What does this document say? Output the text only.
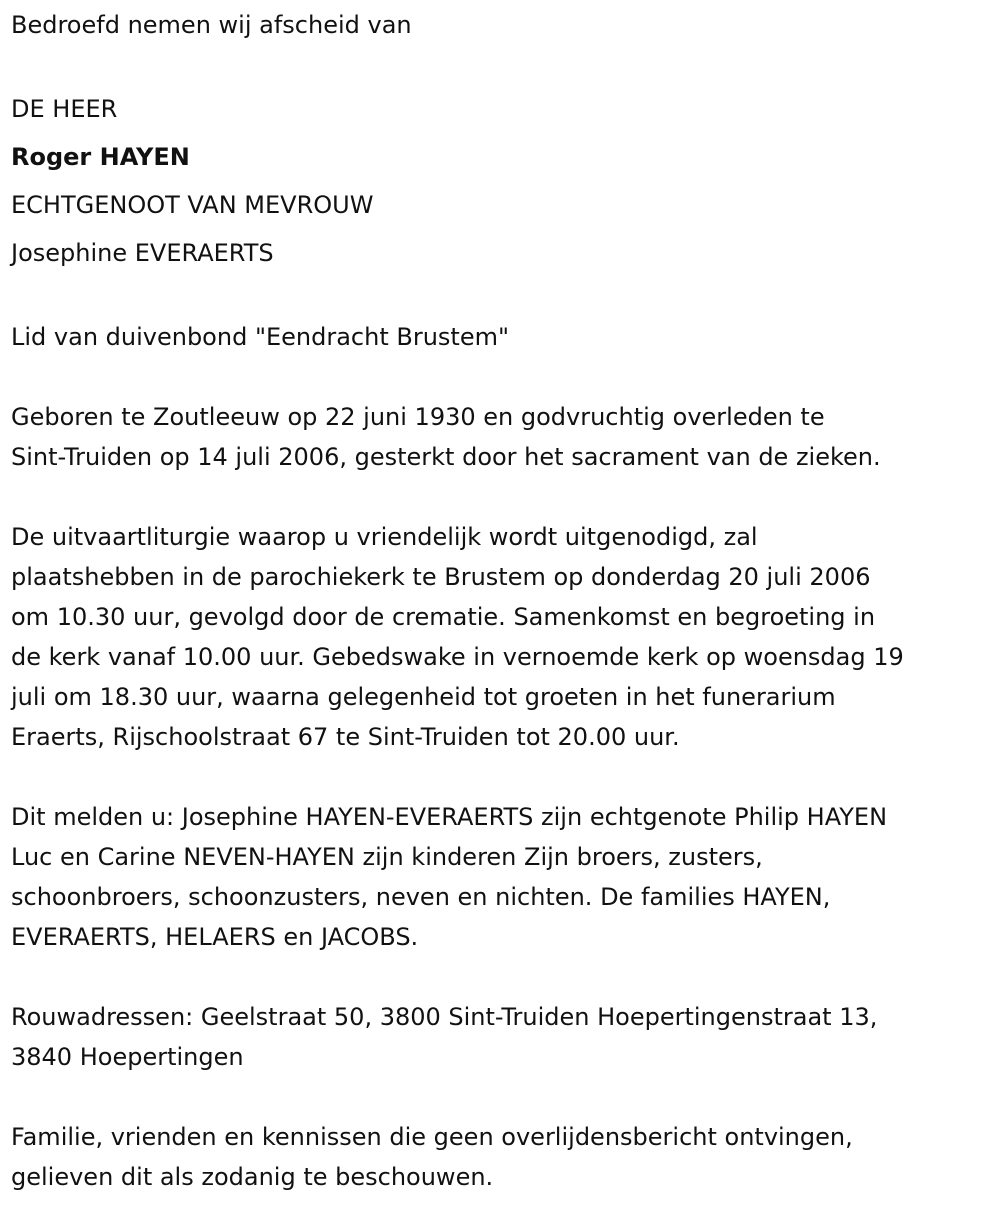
Bedroefd nemen wij afscheid van

DE HEER

Roger HAYEN

ECHTGENOOT VAN MEVROUW

Josephine EVERAERTS

Lid van duivenbond "Eendracht Brustem"

Geboren te Zoutleeuw op 22 juni 1930 en godvruchtig overleden te

Sint-Truiden op 14 juli 2006, gesterkt door het sacrament van de zieken.

De uitvaartliturgie waarop u vriendelijk wordt uitgenodigd, zal

plaatshebben in de parochiekerk te Brustem op donderdag 20 juli 2006

om 10.30 uur, gevolgd door de crematie. Samenkomst en begroeting in

de kerk vanaf 10.00 uur. Gebedswake in vernoemde kerk op woensdag 19

juli om 18.30 uur, waarna gelegenheid tot groeten in het funerarium

Eraerts, Rijschoolstraat 67 te Sint-Truiden tot 20.00 uur.

Dit melden u: Josephine HAYEN-EVERAERTS zijn echtgenote Philip HAYEN

Luc en Carine NEVEN-HAYEN zijn kinderen Zijn broers, zusters,

schoonbroers, schoonzusters, neven en nichten. De families HAYEN,

EVERAERTS, HELAERS en JACOBS.

Rouwadressen: Geelstraat 50, 3800 Sint-Truiden Hoepertingenstraat 13,

3840 Hoepertingen

Familie, vrienden en kennissen die geen overlijdensbericht ontvingen,

gelieven dit als zodanig te beschouwen.
